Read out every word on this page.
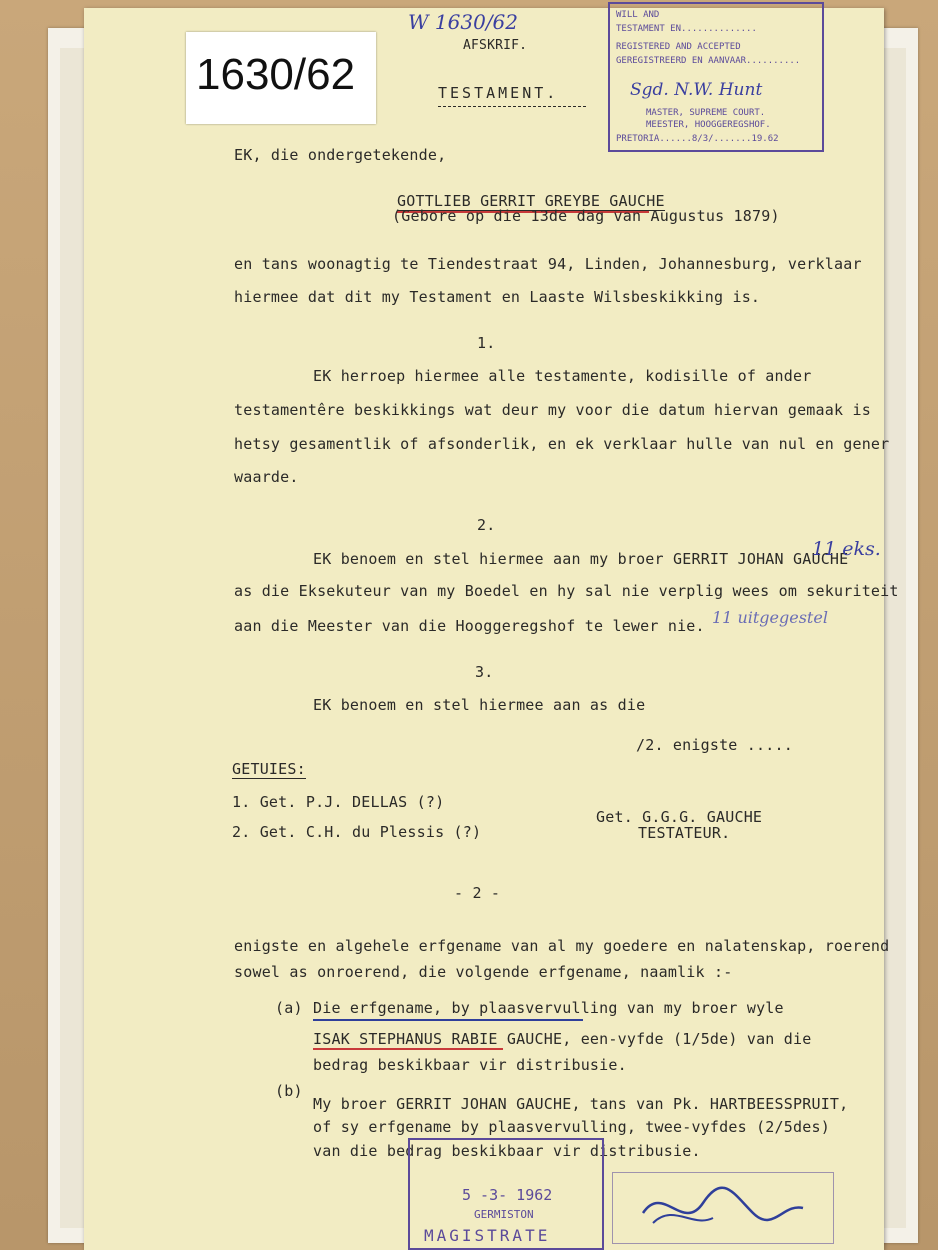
1630/62
W 1630/62
AFSKRIF.
TESTAMENT.
WILL AND
TESTAMENT EN..............
REGISTERED AND ACCEPTED
GEREGISTREERD EN AANVAAR..........
Sgd. N.W. Hunt
MASTER, SUPREME COURT.
MEESTER, HOOGGEREGSHOF.
PRETORIA......8/3/.......19.62
EK, die ondergetekende,
GOTTLIEB GERRIT GREYBE GAUCHE
(Gebore op die 13de dag van Augustus 1879)
en tans woonagtig te Tiendestraat 94, Linden, Johannesburg, verklaar
hiermee dat dit my Testament en Laaste Wilsbeskikking is.
1.
EK herroep hiermee alle testamente, kodisille of ander
testamentêre beskikkings wat deur my voor die datum hiervan gemaak is
hetsy gesamentlik of afsonderlik, en ek verklaar hulle van nul en gener
waarde.
2.
EK benoem en stel hiermee aan my broer GERRIT JOHAN GAUCHE
as die Eksekuteur van my Boedel en hy sal nie verplig wees om sekuriteit
aan die Meester van die Hooggeregshof te lewer nie.
11 eks.
11 uitgegestel
3.
EK benoem en stel hiermee aan as die
/2. enigste .....
GETUIES:
1. Get. P.J. DELLAS (?)
2. Get. C.H. du Plessis (?)
Get. G.G.G. GAUCHE
TESTATEUR.
- 2 -
enigste en algehele erfgename van al my goedere en nalatenskap, roerend
sowel as onroerend, die volgende erfgename, naamlik :-
(a) Die erfgename, by plaasvervulling van my broer wyle
ISAK STEPHANUS RABIE GAUCHE, een-vyfde (1/5de) van die
bedrag beskikbaar vir distribusie.
(b)
My broer GERRIT JOHAN GAUCHE, tans van Pk. HARTBEESSPRUIT,
of sy erfgename by plaasvervulling, twee-vyfdes (2/5des)
van die bedrag beskikbaar vir distribusie.
5 -3- 1962
GERMISTON
MAGISTRATE
